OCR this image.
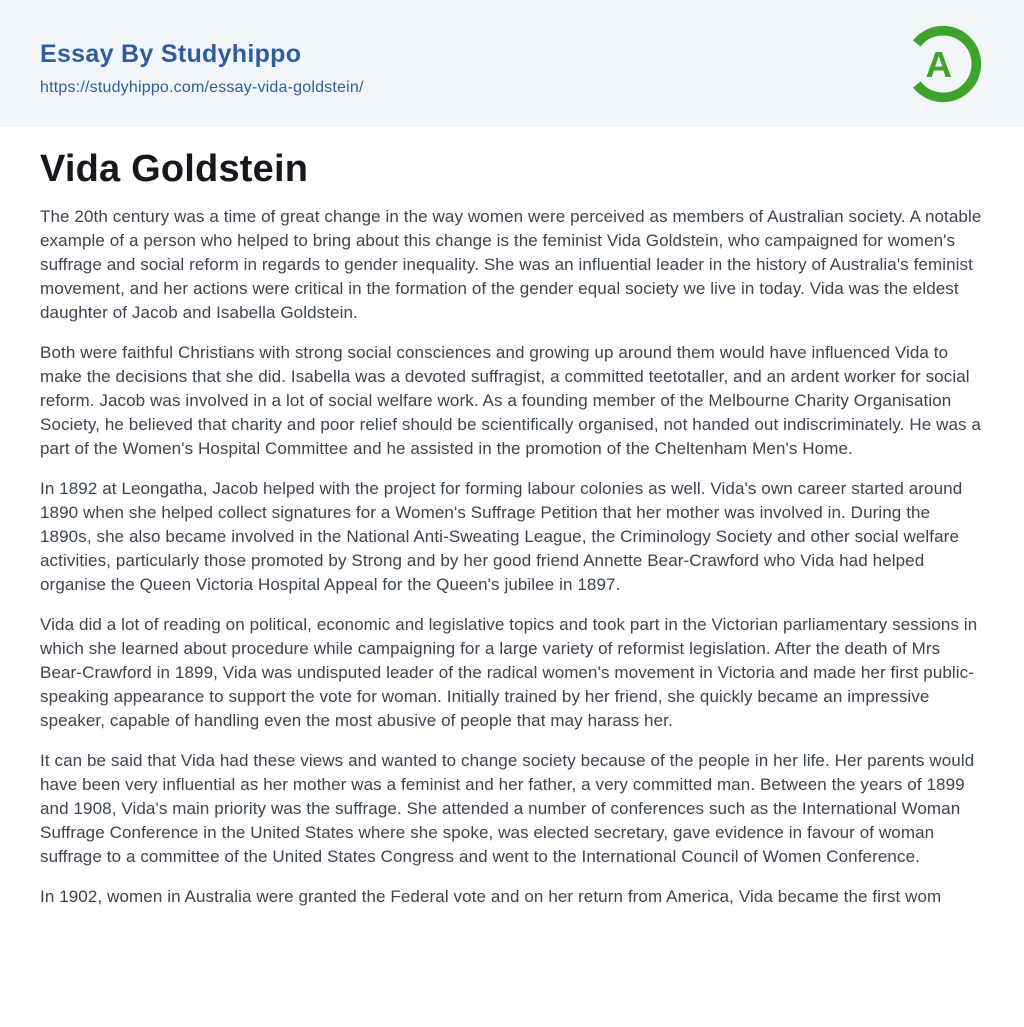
Essay By Studyhippo
https://studyhippo.com/essay-vida-goldstein/
A
Vida Goldstein

The 20th century was a time of great change in the way women were perceived as members of Australian society. A notable example of a person who helped to bring about this change is the feminist Vida Goldstein, who campaigned for women's suffrage and social reform in regards to gender inequality. She was an influential leader in the history of Australia's feminist movement, and her actions were critical in the formation of the gender equal society we live in today. Vida was the eldest daughter of Jacob and Isabella Goldstein.

Both were faithful Christians with strong social consciences and growing up around them would have influenced Vida to make the decisions that she did. Isabella was a devoted suffragist, a committed teetotaller, and an ardent worker for social reform. Jacob was involved in a lot of social welfare work. As a founding member of the Melbourne Charity Organisation Society, he believed that charity and poor relief should be scientifically organised, not handed out indiscriminately. He was a part of the Women's Hospital Committee and he assisted in the promotion of the Cheltenham Men's Home.

In 1892 at Leongatha, Jacob helped with the project for forming labour colonies as well. Vida's own career started around 1890 when she helped collect signatures for a Women's Suffrage Petition that her mother was involved in. During the 1890s, she also became involved in the National Anti-Sweating League, the Criminology Society and other social welfare activities, particularly those promoted by Strong and by her good friend Annette Bear-Crawford who Vida had helped organise the Queen Victoria Hospital Appeal for the Queen's jubilee in 1897.

Vida did a lot of reading on political, economic and legislative topics and took part in the Victorian parliamentary sessions in which she learned about procedure while campaigning for a large variety of reformist legislation. After the death of Mrs Bear-Crawford in 1899, Vida was undisputed leader of the radical women's movement in Victoria and made her first public-speaking appearance to support the vote for woman. Initially trained by her friend, she quickly became an impressive speaker, capable of handling even the most abusive of people that may harass her.

It can be said that Vida had these views and wanted to change society because of the people in her life. Her parents would have been very influential as her mother was a feminist and her father, a very committed man. Between the years of 1899 and 1908, Vida's main priority was the suffrage. She attended a number of conferences such as the International Woman Suffrage Conference in the United States where she spoke, was elected secretary, gave evidence in favour of woman suffrage to a committee of the United States Congress and went to the International Council of Women Conference.

In 1902, women in Australia were granted the Federal vote and on her return from America, Vida became the first wom
